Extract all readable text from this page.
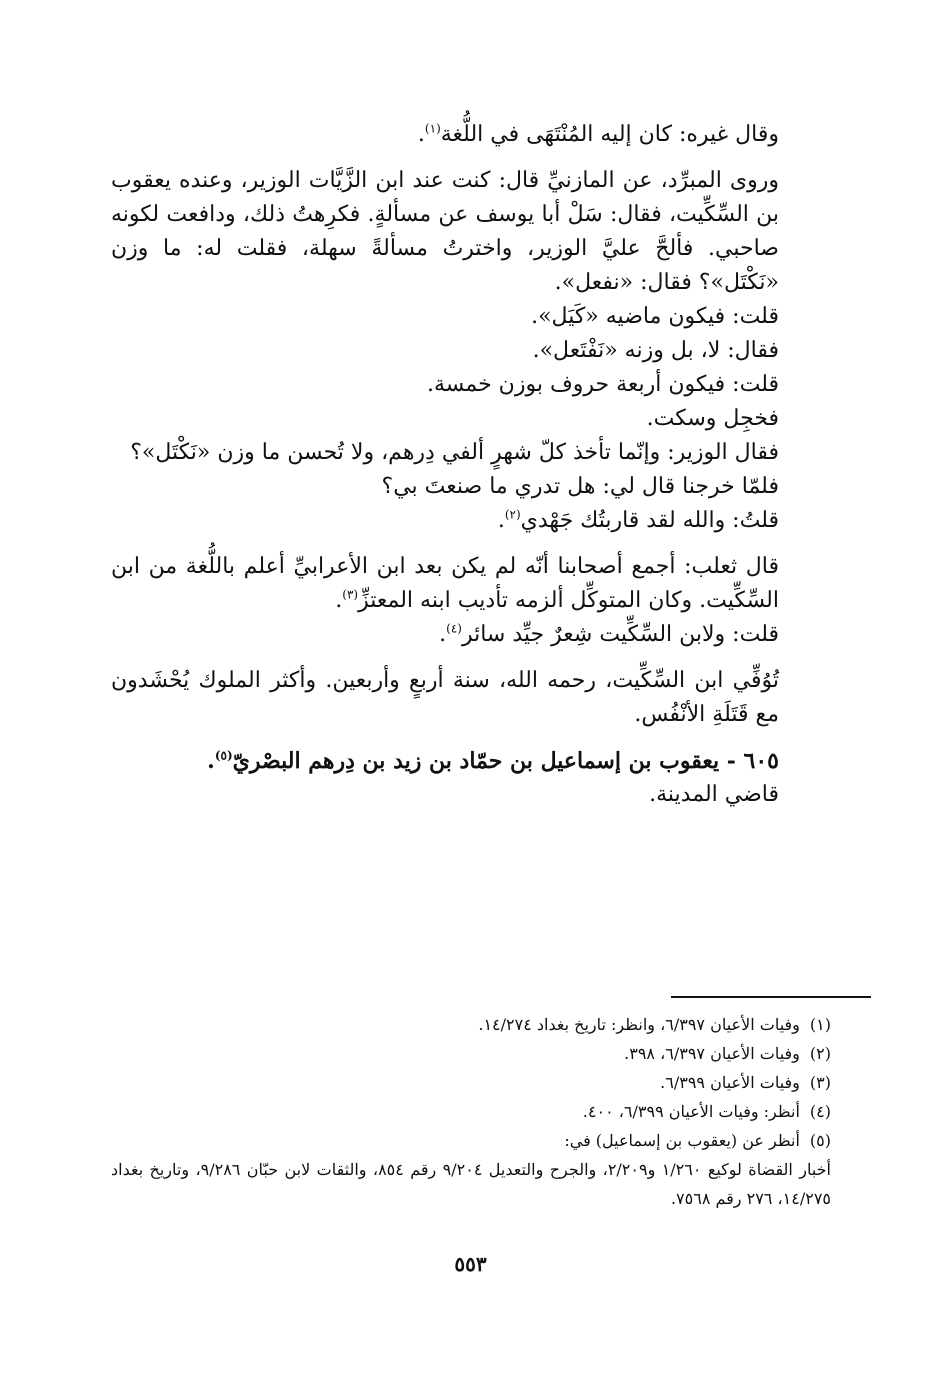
وقال غيره: كان إليه المُنْتَهَى في اللُّغة$^{(١)}$.

وروى المبرِّد، عن المازنيِّ قال: كنت عند ابن الزَّيَّات الوزير، وعنده يعقوب بن السِّكِّيت، فقال: سَلْ أبا يوسف عن مسألةٍ. فكرِهتُ ذلك، ودافعت لكونه صاحبي. فألحَّ عليَّ الوزير، واخترتُ مسألةً سهلة، فقلت له: ما وزن «نَكْتَل»؟ فقال: «نفعل».

قلت: فيكون ماضيه «كَيَل».

فقال: لا، بل وزنه «نَفْتَعل».

قلت: فيكون أربعة حروف بوزن خمسة.

فخجِل وسكت.

فقال الوزير: وإنّما تأخذ كلّ شهرٍ ألفي دِرهم، ولا تُحسن ما وزن «نَكْتَل»؟

فلمّا خرجنا قال لي: هل تدري ما صنعتَ بي؟

قلتُ: والله لقد قاربتُك جَهْدي$^{(٢)}$.

قال ثعلب: أجمع أصحابنا أنّه لم يكن بعد ابن الأعرابيِّ أعلم باللُّغة من ابن السِّكِّيت. وكان المتوكِّل ألزمه تأديب ابنه المعتزِّ$^{(٣)}$.

قلت: ولابن السِّكِّيت شِعرٌ جيِّد سائر$^{(٤)}$.

تُوُفِّي ابن السِّكِّيت، رحمه الله، سنة أربعٍ وأربعين. وأكثر الملوك يُحْشَدون مع قَتَلَةِ الأنْفُس.

٦٠٥ - يعقوب بن إسماعيل بن حمّاد بن زيد بن دِرهم البصْريّ$^{(٥)}$.

قاضي المدينة.

(١)وفيات الأعيان ٦/٣٩٧، وانظر: تاريخ بغداد ١٤/٢٧٤.

(٢)وفيات الأعيان ٦/٣٩٧، ٣٩٨.

(٣)وفيات الأعيان ٦/٣٩٩.

(٤)أنظر: وفيات الأعيان ٦/٣٩٩، ٤٠٠.

(٥)أنظر عن (يعقوب بن إسماعيل) في:

أخبار القضاة لوكيع ١/٢٦٠ و٢/٢٠٩، والجرح والتعديل ٩/٢٠٤ رقم ٨٥٤، والثقات لابن حبّان ٩/٢٨٦، وتاريخ بغداد ١٤/٢٧٥، ٢٧٦ رقم ٧٥٦٨.

٥٥٣
